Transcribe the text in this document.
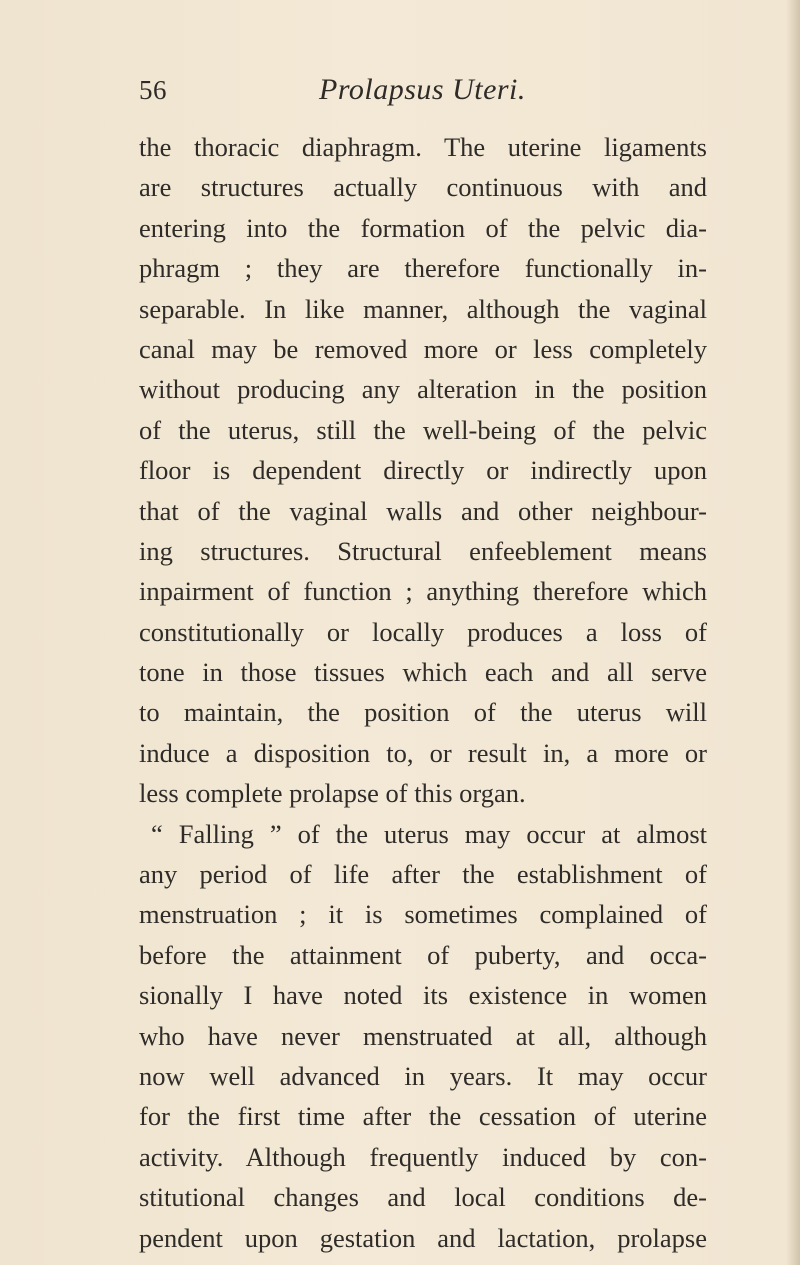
56	Prolapsus Uteri.
the thoracic diaphragm. The uterine ligaments
are structures actually continuous with and
entering into the formation of the pelvic dia-
phragm ; they are therefore functionally in-
separable. In like manner, although the vaginal
canal may be removed more or less completely
without producing any alteration in the position
of the uterus, still the well-being of the pelvic
floor is dependent directly or indirectly upon
that of the vaginal walls and other neighbour-
ing structures. Structural enfeeblement means
inpairment of function ; anything therefore which
constitutionally or locally produces a loss of
tone in those tissues which each and all serve
to maintain, the position of the uterus will
induce a disposition to, or result in, a more or
less complete prolapse of this organ.
“ Falling ” of the uterus may occur at almost
any period of life after the establishment of
menstruation ; it is sometimes complained of
before the attainment of puberty, and occa-
sionally I have noted its existence in women
who have never menstruated at all, although
now well advanced in years. It may occur
for the first time after the cessation of uterine
activity. Although frequently induced by con-
stitutional changes and local conditions de-
pendent upon gestation and lactation, prolapse
